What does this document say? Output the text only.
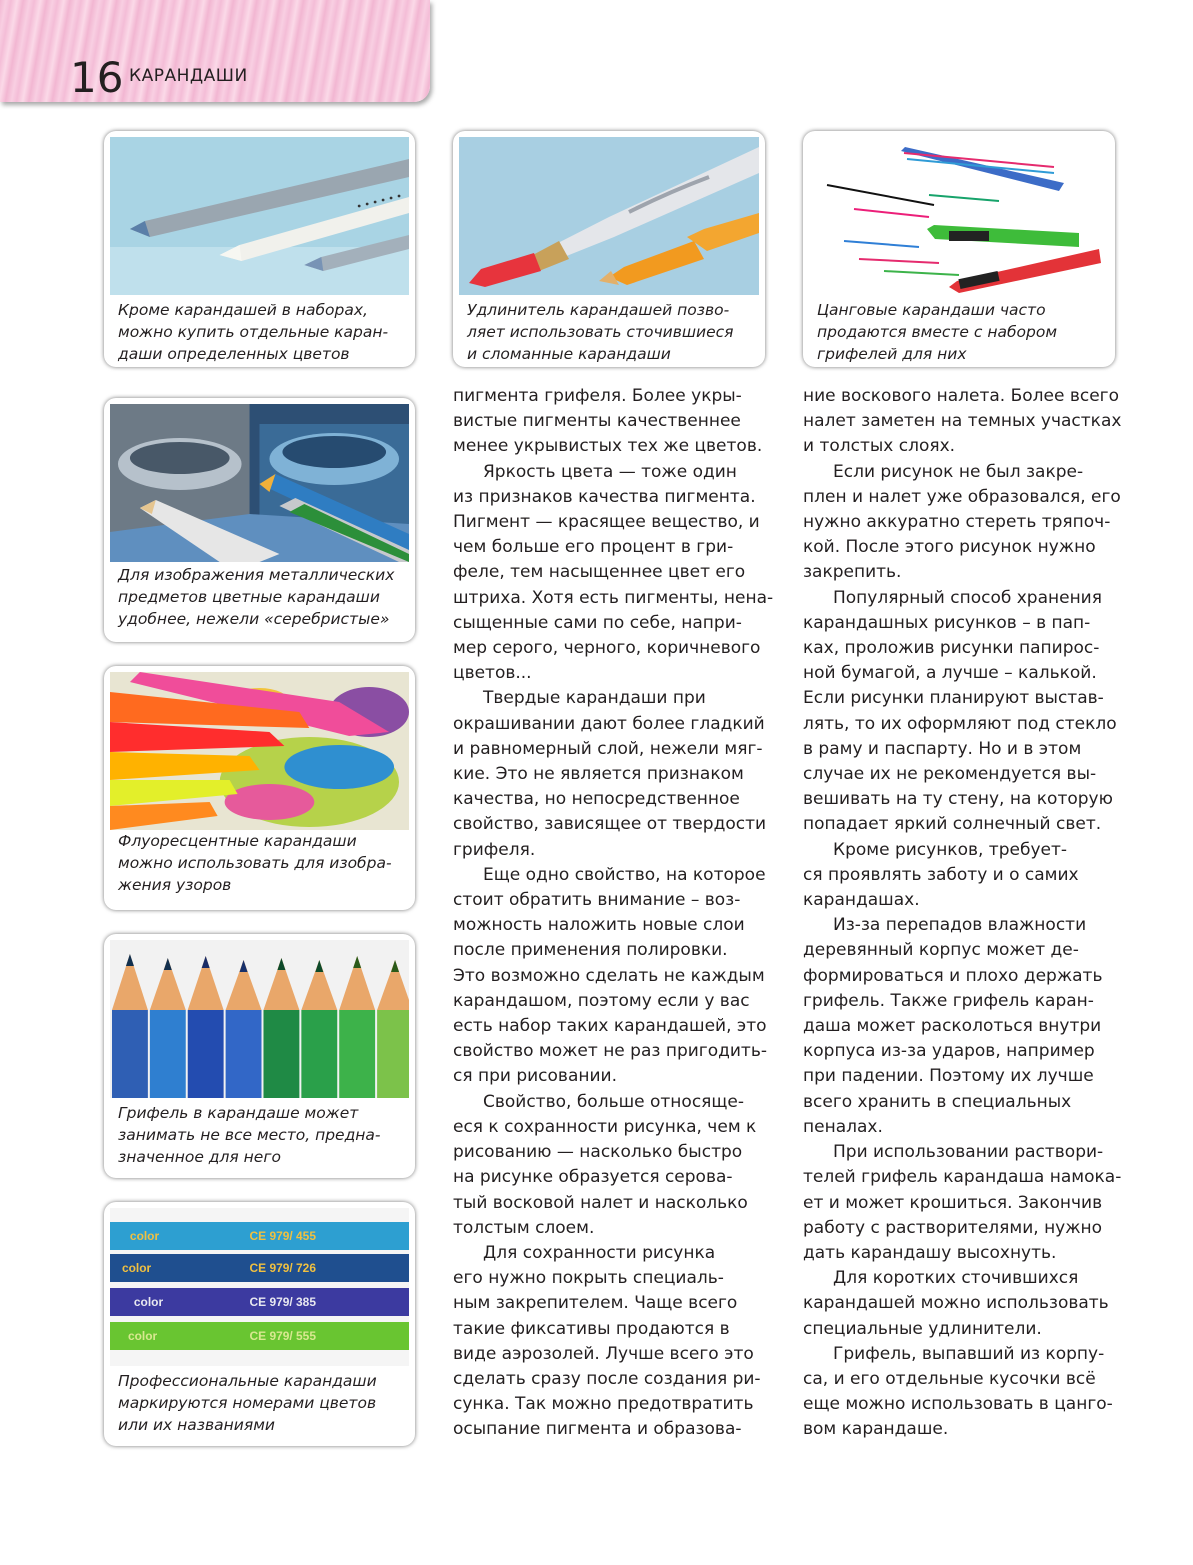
16 КАРАНДАШИ
Кроме карандашей в наборах,
можно купить отдельные каран-
даши определенных цветов
Удлинитель карандашей позво-
ляет использовать сточившиеся
и сломанные карандаши
Цанговые карандаши часто
продаются вместе с набором
грифелей для них
Для изображения металлических
предметов цветные карандаши
удобнее, нежели «серебристые»
Флуоресцентные карандаши
можно использовать для изобра-
жения узоров
Грифель в карандаше может
занимать не все место, предна-
значенное для него
color	CE 979/ 455
color	CE 979/ 726
color	CE 979/ 385
color	CE 979/ 555
Профессиональные карандаши
маркируются номерами цветов
или их названиями
пигмента грифеля. Более укры-
вистые пигменты качественнее
менее укрывистых тех же цветов.
Яркость цвета — тоже один
из признаков качества пигмента.
Пигмент — красящее вещество, и
чем больше его процент в гри-
феле, тем насыщеннее цвет его
штриха. Хотя есть пигменты, нена-
сыщенные сами по себе, напри-
мер серого, черного, коричневого
цветов...
Твердые карандаши при
окрашивании дают более гладкий
и равномерный слой, нежели мяг-
кие. Это не является признаком
качества, но непосредственное
свойство, зависящее от твердости
грифеля.
Еще одно свойство, на которое
стоит обратить внимание – воз-
можность наложить новые слои
после применения полировки.
Это возможно сделать не каждым
карандашом, поэтому если у вас
есть набор таких карандашей, это
свойство может не раз пригодить-
ся при рисовании.
Свойство, больше относяще-
еся к сохранности рисунка, чем к
рисованию — насколько быстро
на рисунке образуется серова-
тый восковой налет и насколько
толстым слоем.
Для сохранности рисунка
его нужно покрыть специаль-
ным закрепителем. Чаще всего
такие фиксативы продаются в
виде аэрозолей. Лучше всего это
сделать сразу после создания ри-
сунка. Так можно предотвратить
осыпание пигмента и образова-
ние воскового налета. Более всего
налет заметен на темных участках
и толстых слоях.
Если рисунок не был закре-
плен и налет уже образовался, его
нужно аккуратно стереть тряпоч-
кой. После этого рисунок нужно
закрепить.
Популярный способ хранения
карандашных рисунков – в пап-
ках, проложив рисунки папирос-
ной бумагой, а лучше – калькой.
Если рисунки планируют выстав-
лять, то их оформляют под стекло
в раму и паспарту. Но и в этом
случае их не рекомендуется вы-
вешивать на ту стену, на которую
попадает яркий солнечный свет.
Кроме рисунков, требует-
ся проявлять заботу и о самих
карандашах.
Из-за перепадов влажности
деревянный корпус может де-
формироваться и плохо держать
грифель. Также грифель каран-
даша может расколоться внутри
корпуса из-за ударов, например
при падении. Поэтому их лучше
всего хранить в специальных
пеналах.
При использовании раствори-
телей грифель карандаша намока-
ет и может крошиться. Закончив
работу с растворителями, нужно
дать карандашу высохнуть.
Для коротких сточившихся
карандашей можно использовать
специальные удлинители.
Грифель, выпавший из корпу-
са, и его отдельные кусочки всё
еще можно использовать в цанго-
вом карандаше.
